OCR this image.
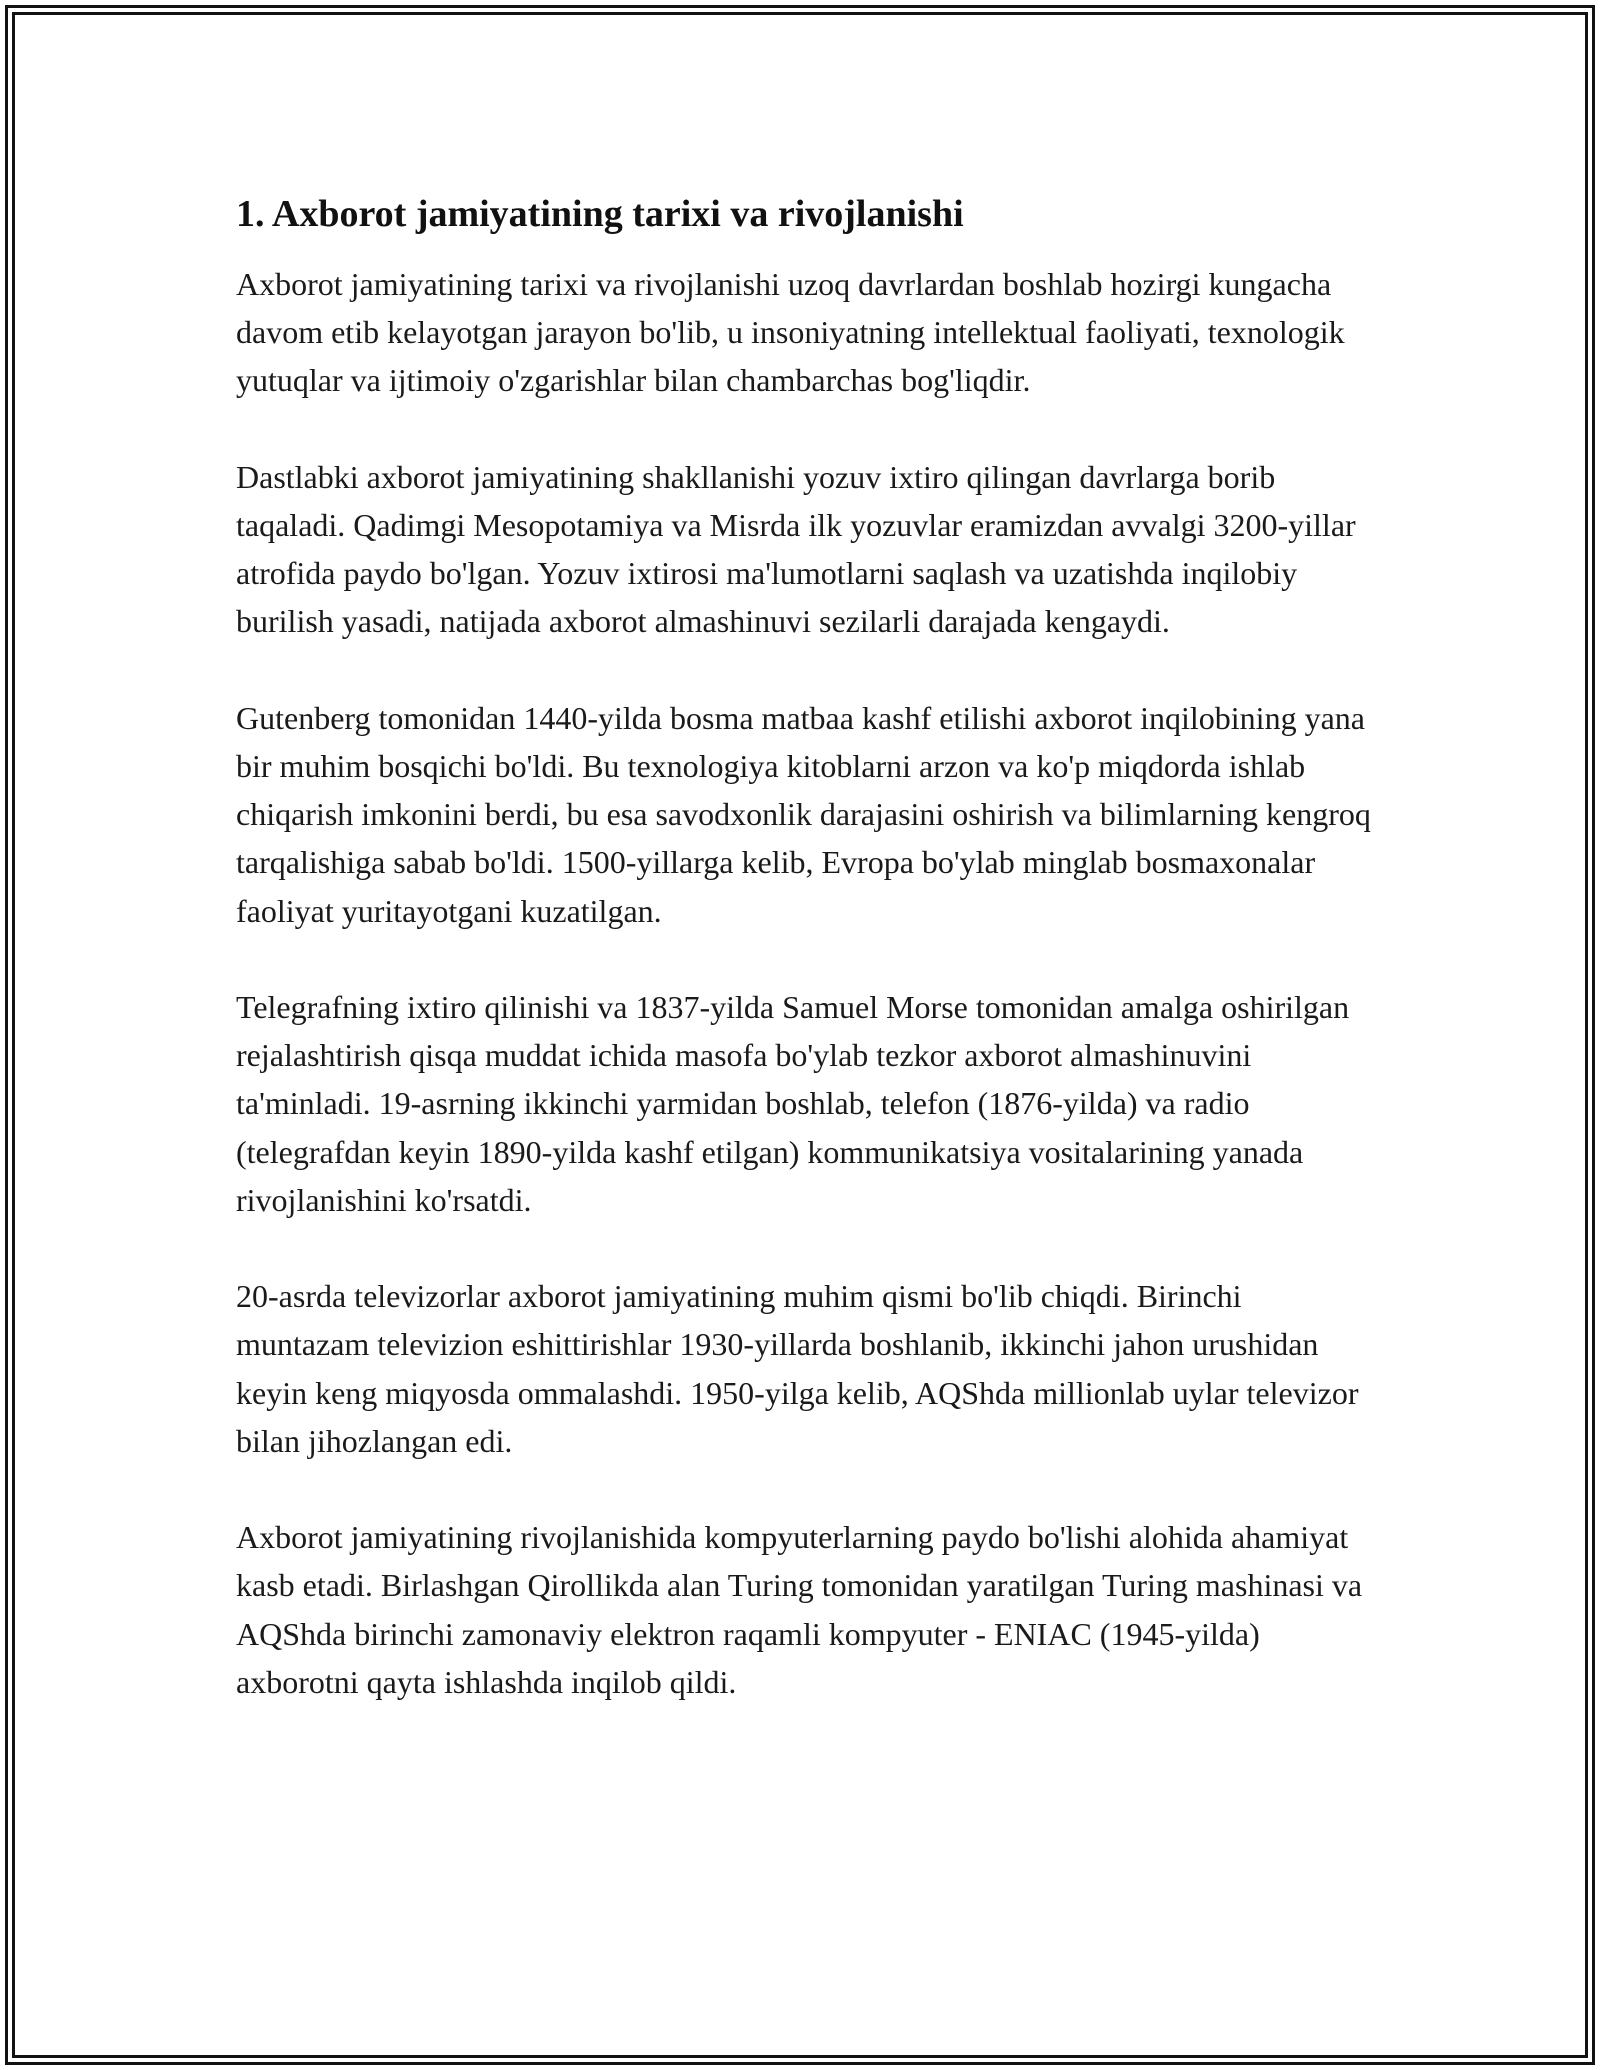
1. Axborot jamiyatining tarixi va rivojlanishi

Axborot jamiyatining tarixi va rivojlanishi uzoq davrlardan boshlab hozirgi kungacha davom etib kelayotgan jarayon bo'lib, u insoniyatning intellektual faoliyati, texnologik yutuqlar va ijtimoiy o'zgarishlar bilan chambarchas bog'liqdir.

Dastlabki axborot jamiyatining shakllanishi yozuv ixtiro qilingan davrlarga borib taqaladi. Qadimgi Mesopotamiya va Misrda ilk yozuvlar eramizdan avvalgi 3200-yillar atrofida paydo bo'lgan. Yozuv ixtirosi ma'lumotlarni saqlash va uzatishda inqilobiy burilish yasadi, natijada axborot almashinuvi sezilarli darajada kengaydi.

Gutenberg tomonidan 1440-yilda bosma matbaa kashf etilishi axborot inqilobining yana bir muhim bosqichi bo'ldi. Bu texnologiya kitoblarni arzon va ko'p miqdorda ishlab chiqarish imkonini berdi, bu esa savodxonlik darajasini oshirish va bilimlarning kengroq tarqalishiga sabab bo'ldi. 1500-yillarga kelib, Evropa bo'ylab minglab bosmaxonalar faoliyat yuritayotgani kuzatilgan.

Telegrafning ixtiro qilinishi va 1837-yilda Samuel Morse tomonidan amalga oshirilgan rejalashtirish qisqa muddat ichida masofa bo'ylab tezkor axborot almashinuvini ta'minladi. 19-asrning ikkinchi yarmidan boshlab, telefon (1876-yilda) va radio (telegrafdan keyin 1890-yilda kashf etilgan) kommunikatsiya vositalarining yanada rivojlanishini ko'rsatdi.

20-asrda televizorlar axborot jamiyatining muhim qismi bo'lib chiqdi. Birinchi muntazam televizion eshittirishlar 1930-yillarda boshlanib, ikkinchi jahon urushidan keyin keng miqyosda ommalashdi. 1950-yilga kelib, AQShda millionlab uylar televizor bilan jihozlangan edi.

Axborot jamiyatining rivojlanishida kompyuterlarning paydo bo'lishi alohida ahamiyat kasb etadi. Birlashgan Qirollikda alan Turing tomonidan yaratilgan Turing mashinasi va AQShda birinchi zamonaviy elektron raqamli kompyuter - ENIAC (1945-yilda) axborotni qayta ishlashda inqilob qildi.
